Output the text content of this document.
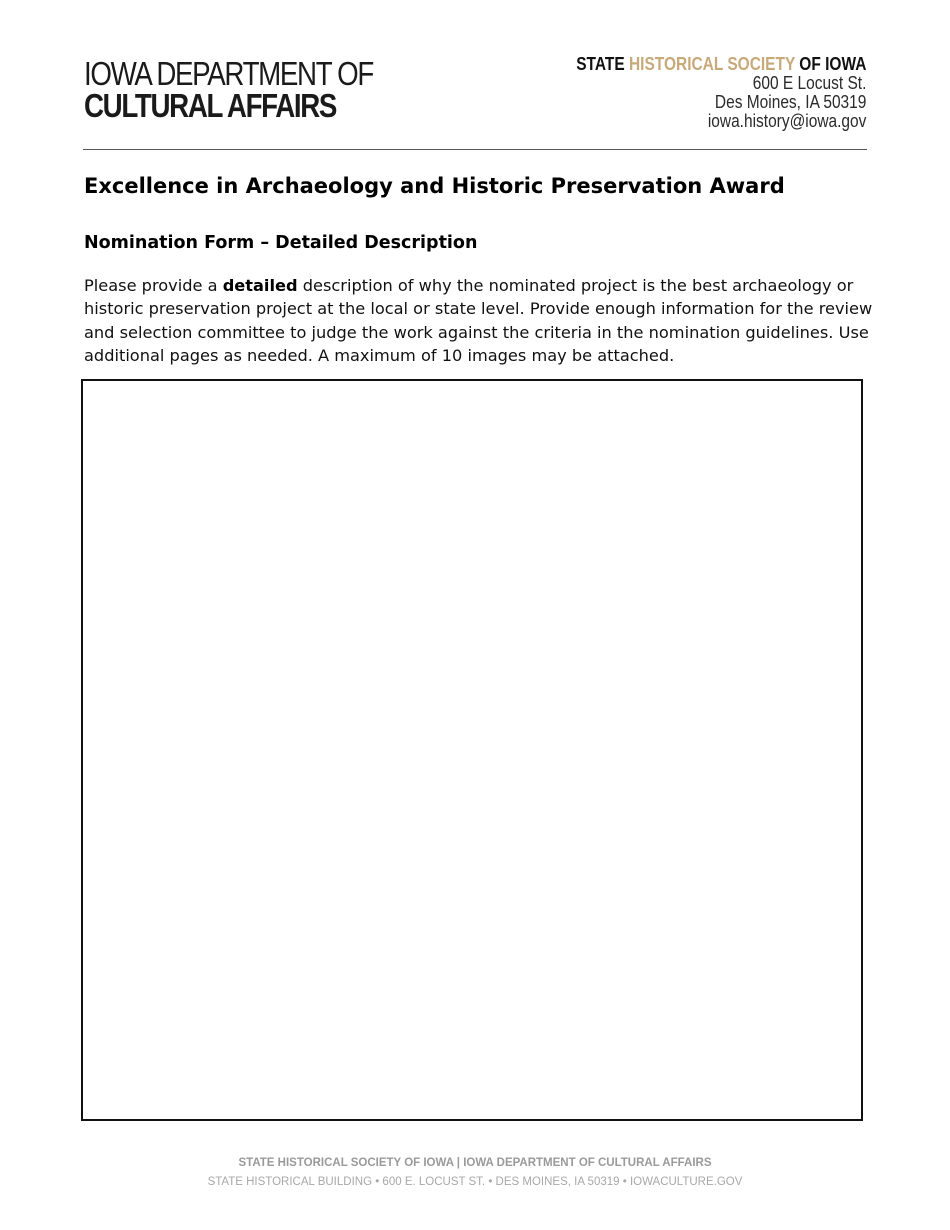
IOWA DEPARTMENT OF
CULTURAL AFFAIRS
STATE HISTORICAL SOCIETY OF IOWA
600 E Locust St.
Des Moines, IA 50319
iowa.history@iowa.gov
Excellence in Archaeology and Historic Preservation Award
Nomination Form – Detailed Description

Please provide a detailed description of why the nominated project is the best archaeology or historic preservation project at the local or state level. Provide enough information for the review and selection committee to judge the work against the criteria in the nomination guidelines. Use additional pages as needed. A maximum of 10 images may be attached.

STATE HISTORICAL SOCIETY OF IOWA | IOWA DEPARTMENT OF CULTURAL AFFAIRS
STATE HISTORICAL BUILDING • 600 E. LOCUST ST. • DES MOINES, IA 50319 • IOWACULTURE.GOV
